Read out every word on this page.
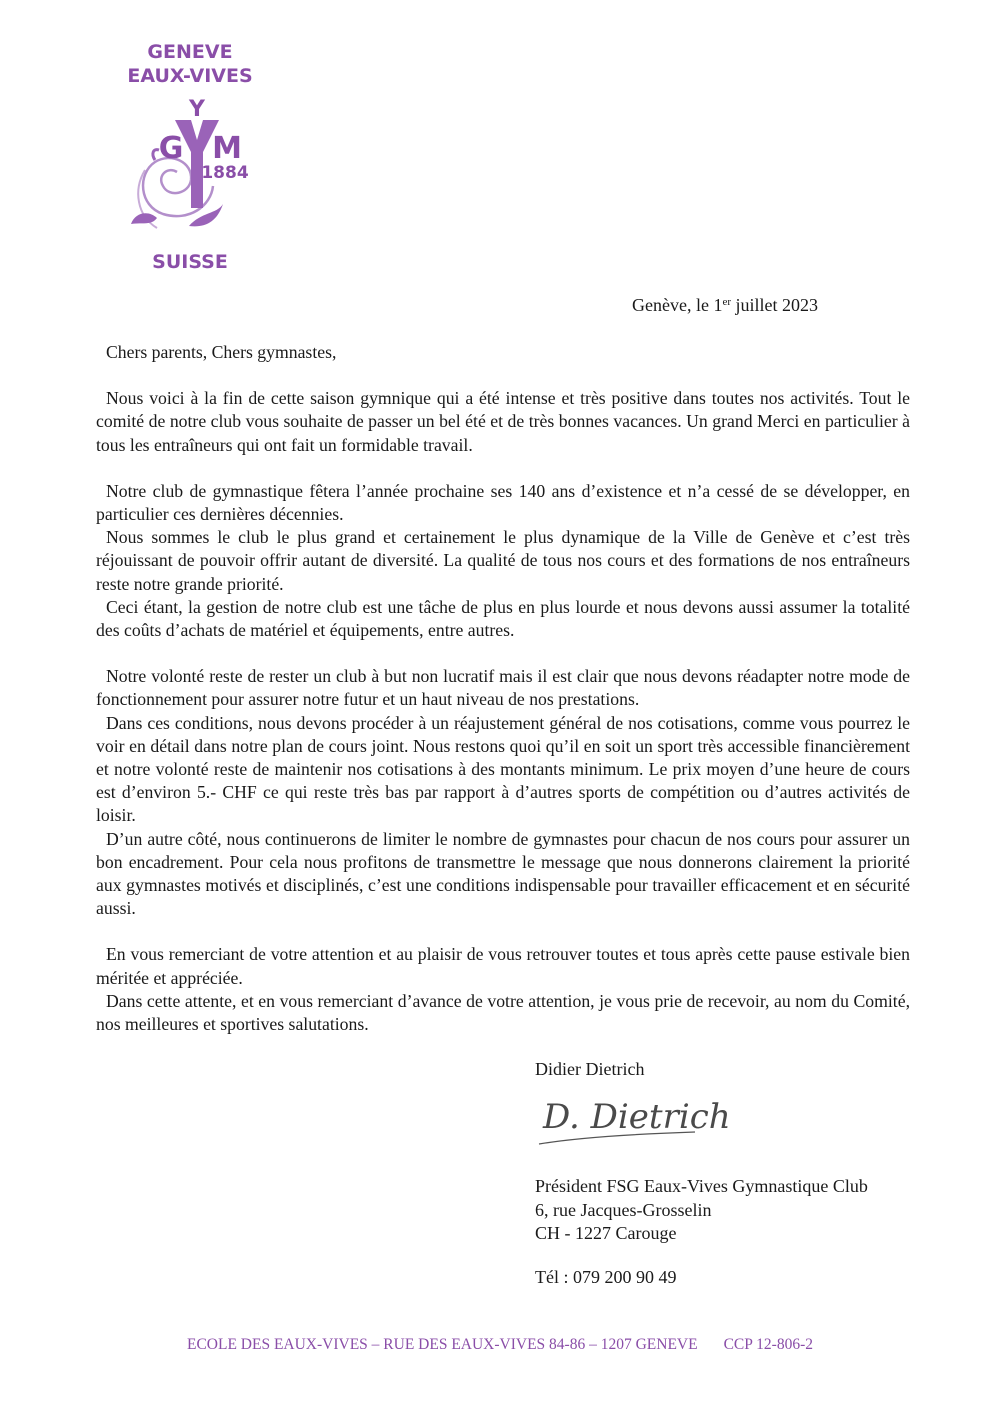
GENEVE
EAUX-VIVES
G
Y
M
1884
SUISSE
Genève, le 1er juillet 2023

Chers parents, Chers gymnastes,

Nous voici à la fin de cette saison gymnique qui a été intense et très positive dans toutes nos activités. Tout le comité de notre club vous souhaite de passer un bel été et de très bonnes vacances. Un grand Merci en particulier à tous les entraîneurs qui ont fait un formidable travail.

Notre club de gymnastique fêtera l’année prochaine ses 140 ans d’existence et n’a cessé de se développer, en particulier ces dernières décennies.

Nous sommes le club le plus grand et certainement le plus dynamique de la Ville de Genève et c’est très réjouissant de pouvoir offrir autant de diversité. La qualité de tous nos cours et des formations de nos entraîneurs reste notre grande priorité.

Ceci étant, la gestion de notre club est une tâche de plus en plus lourde et nous devons aussi assumer la totalité des coûts d’achats de matériel et équipements, entre autres.

Notre volonté reste de rester un club à but non lucratif mais il est clair que nous devons réadapter notre mode de fonctionnement pour assurer notre futur et un haut niveau de nos prestations.

Dans ces conditions, nous devons procéder à un réajustement général de nos cotisations, comme vous pourrez le voir en détail dans notre plan de cours joint. Nous restons quoi qu’il en soit un sport très accessible financièrement et notre volonté reste de maintenir nos cotisations à des montants minimum. Le prix moyen d’une heure de cours est d’environ 5.- CHF ce qui reste très bas par rapport à d’autres sports de compétition ou d’autres activités de loisir.

D’un autre côté, nous continuerons de limiter le nombre de gymnastes pour chacun de nos cours pour assurer un bon encadrement. Pour cela nous profitons de transmettre le message que nous donnerons clairement la priorité aux gymnastes motivés et disciplinés, c’est une conditions indispensable pour travailler efficacement et en sécurité aussi.

En vous remerciant de votre attention et au plaisir de vous retrouver toutes et tous après cette pause estivale bien méritée et appréciée.

Dans cette attente, et en vous remerciant d’avance de votre attention, je vous prie de recevoir, au nom du Comité, nos meilleures et sportives salutations.

Didier Dietrich
D. Dietrich
Président FSG Eaux-Vives Gymnastique Club
6, rue Jacques-Grosselin
CH - 1227 Carouge
Tél : 079 200 90 49
ECOLE DES EAUX-VIVES – RUE DES EAUX-VIVES 84-86 – 1207 GENEVE CCP 12-806-2
